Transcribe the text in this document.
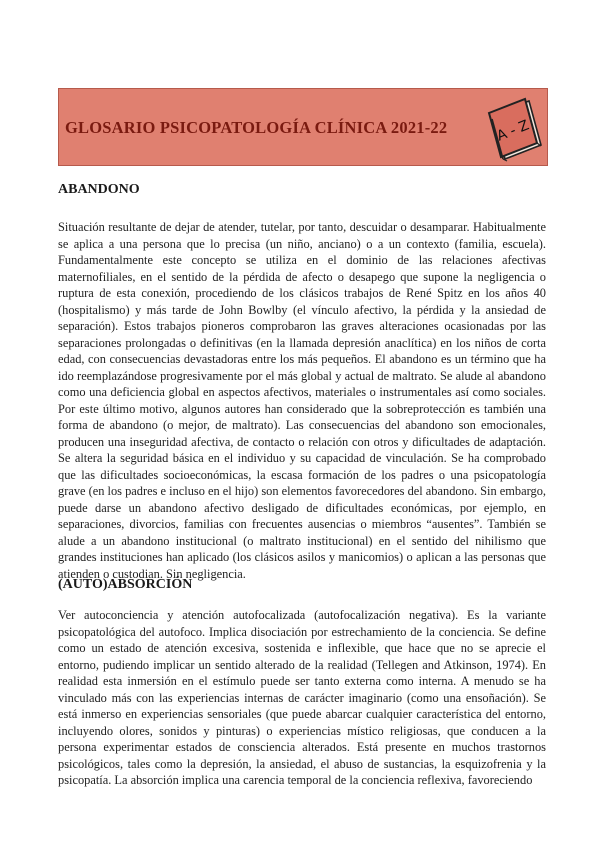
GLOSARIO PSICOPATOLOGÍA CLÍNICA 2021-22	A - Z
ABANDONO

Situación resultante de dejar de atender, tutelar, por tanto, descuidar o desamparar. Habitualmente se aplica a una persona que lo precisa (un niño, anciano) o a un contexto (familia, escuela). Fundamentalmente este concepto se utiliza en el dominio de las relaciones afectivas maternofiliales, en el sentido de la pérdida de afecto o desapego que supone la negligencia o ruptura de esta conexión, procediendo de los clásicos trabajos de René Spitz en los años 40 (hospitalismo) y más tarde de John Bowlby (el vínculo afectivo, la pérdida y la ansiedad de separación). Estos trabajos pioneros comprobaron las graves alteraciones ocasionadas por las separaciones prolongadas o definitivas (en la llamada depresión anaclítica) en los niños de corta edad, con consecuencias devastadoras entre los más pequeños. El abandono es un término que ha ido reemplazándose progresivamente por el más global y actual de maltrato. Se alude al abandono como una deficiencia global en aspectos afectivos, materiales o instrumentales así como sociales. Por este último motivo, algunos autores han considerado que la sobreprotección es también una forma de abandono (o mejor, de maltrato). Las consecuencias del abandono son emocionales, producen una inseguridad afectiva, de contacto o relación con otros y dificultades de adaptación. Se altera la seguridad básica en el individuo y su capacidad de vinculación. Se ha comprobado que las dificultades socioeconómicas, la escasa formación de los padres o una psicopatología grave (en los padres e incluso en el hijo) son elementos favorecedores del abandono. Sin embargo, puede darse un abandono afectivo desligado de dificultades económicas, por ejemplo, en separaciones, divorcios, familias con frecuentes ausencias o miembros “ausentes”. También se alude a un abandono institucional (o maltrato institucional) en el sentido del nihilismo que grandes instituciones han aplicado (los clásicos asilos y manicomios) o aplican a las personas que atienden o custodian. Sin negligencia.

(AUTO)ABSORCIÓN

Ver autoconciencia y atención autofocalizada (autofocalización negativa). Es la variante psicopatológica del autofoco. Implica disociación por estrechamiento de la conciencia. Se define como un estado de atención excesiva, sostenida e inflexible, que hace que no se aprecie el entorno, pudiendo implicar un sentido alterado de la realidad (Tellegen and Atkinson, 1974). En realidad esta inmersión en el estímulo puede ser tanto externa como interna. A menudo se ha vinculado más con las experiencias internas de carácter imaginario (como una ensoñación). Se está inmerso en experiencias sensoriales (que puede abarcar cualquier característica del entorno, incluyendo olores, sonidos y pinturas) o experiencias místico religiosas, que conducen a la persona experimentar estados de consciencia alterados. Está presente en muchos trastornos psicológicos, tales como la depresión, la ansiedad, el abuso de sustancias, la esquizofrenia y la psicopatía. La absorción implica una carencia temporal de la conciencia reflexiva, favoreciendo
